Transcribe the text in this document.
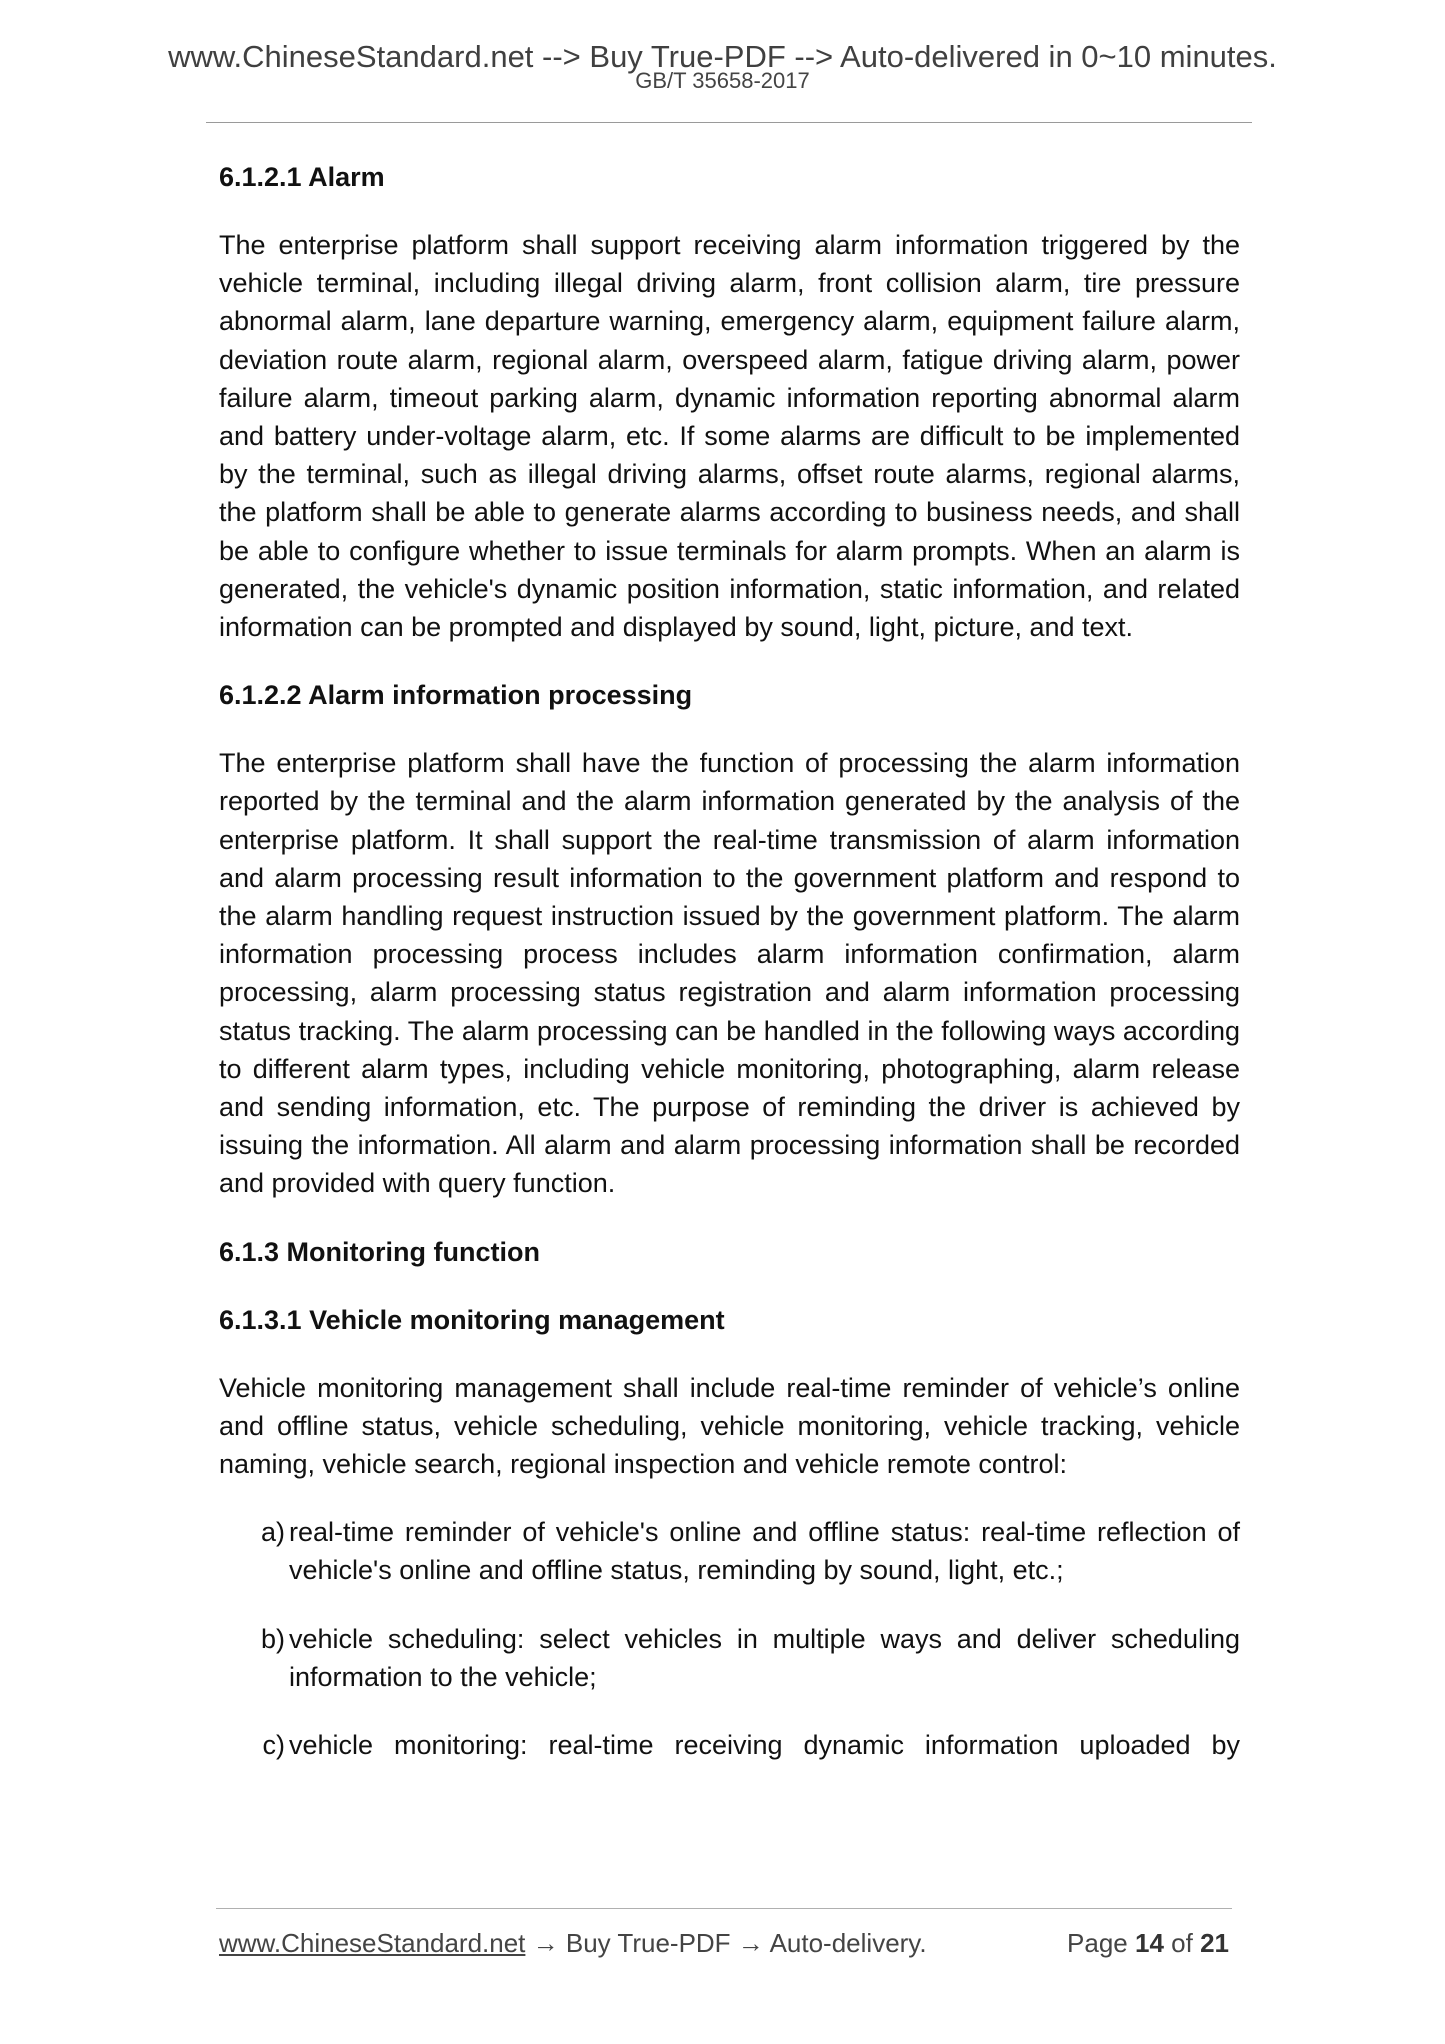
www.ChineseStandard.net --> Buy True-PDF --> Auto-delivered in 0~10 minutes.
GB/T 35658-2017

6.1.2.1 Alarm

The enterprise platform shall support receiving alarm information triggered by the vehicle terminal, including illegal driving alarm, front collision alarm, tire pressure abnormal alarm, lane departure warning, emergency alarm, equipment failure alarm, deviation route alarm, regional alarm, overspeed alarm, fatigue driving alarm, power failure alarm, timeout parking alarm, dynamic information reporting abnormal alarm and battery under-voltage alarm, etc. If some alarms are difficult to be implemented by the terminal, such as illegal driving alarms, offset route alarms, regional alarms, the platform shall be able to generate alarms according to business needs, and shall be able to configure whether to issue terminals for alarm prompts. When an alarm is generated, the vehicle's dynamic position information, static information, and related information can be prompted and displayed by sound, light, picture, and text.

6.1.2.2 Alarm information processing

The enterprise platform shall have the function of processing the alarm information reported by the terminal and the alarm information generated by the analysis of the enterprise platform. It shall support the real-time transmission of alarm information and alarm processing result information to the government platform and respond to the alarm handling request instruction issued by the government platform. The alarm information processing process includes alarm information confirmation, alarm processing, alarm processing status registration and alarm information processing status tracking. The alarm processing can be handled in the following ways according to different alarm types, including vehicle monitoring, photographing, alarm release and sending information, etc. The purpose of reminding the driver is achieved by issuing the information. All alarm and alarm processing information shall be recorded and provided with query function.

6.1.3 Monitoring function

6.1.3.1 Vehicle monitoring management

Vehicle monitoring management shall include real-time reminder of vehicle’s online and offline status, vehicle scheduling, vehicle monitoring, vehicle tracking, vehicle naming, vehicle search, regional inspection and vehicle remote control:

a) real-time reminder of vehicle's online and offline status: real-time reflection of vehicle's online and offline status, reminding by sound, light, etc.;
b) vehicle scheduling: select vehicles in multiple ways and deliver scheduling information to the vehicle;
c) vehicle monitoring: real-time receiving dynamic information uploaded by
www.ChineseStandard.net → Buy True-PDF → Auto-delivery.	Page 14 of 21
